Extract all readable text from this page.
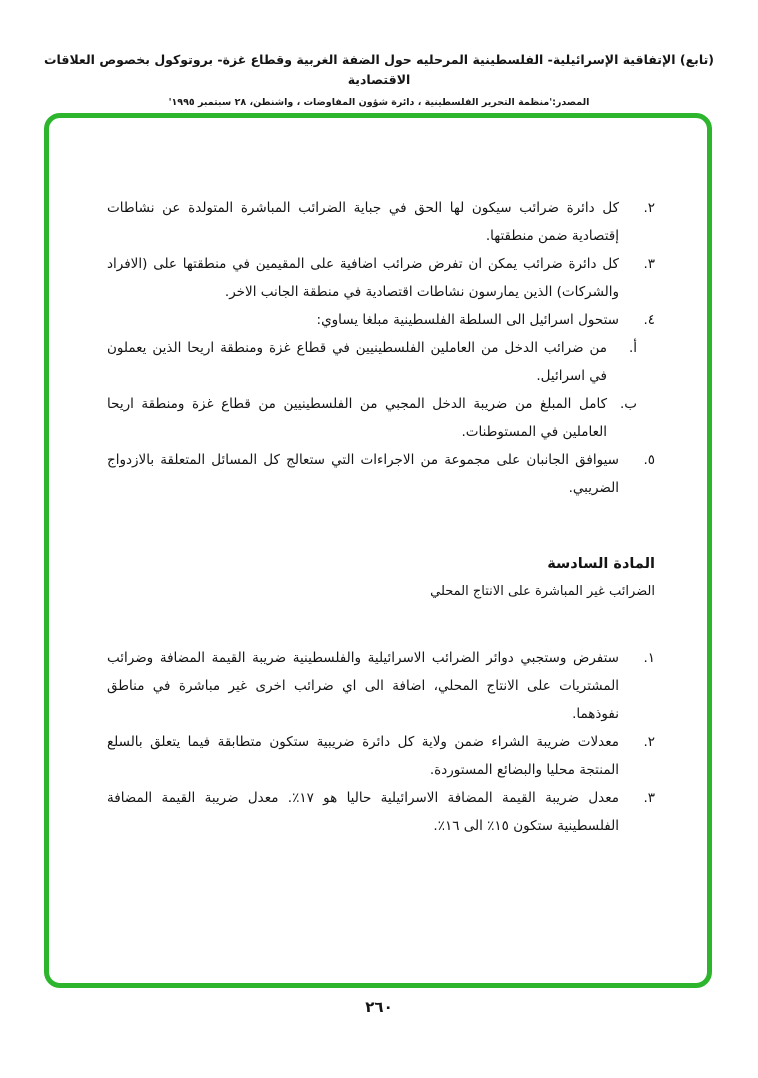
(تابع) الإتفاقية الإسرائيلية- الفلسطينية المرحليه حول الضفة الغربية وقطاع غزة- بروتوكول بخصوص العلاقات الاقتصادية
المصدر:'منظمة التحرير الفلسطينية ، دائرة شؤون المفاوضات ، واشنطن، ٢٨ سبتمبر ١٩٩٥'
٢.
كل دائرة ضرائب سيكون لها الحق في جباية الضرائب المباشرة المتولدة عن نشاطات إقتصادية ضمن منطقتها.
٣.
كل دائرة ضرائب يمكن ان تفرض ضرائب اضافية على المقيمين في منطقتها على (الافراد والشركات) الذين يمارسون نشاطات اقتصادية في منطقة الجانب الاخر.
٤.
ستحول اسرائيل الى السلطة الفلسطينية مبلغا يساوي:
أ.
من ضرائب الدخل من العاملين الفلسطينيين في قطاع غزة ومنطقة اريحا الذين يعملون في اسرائيل.
ب.
كامل المبلغ من ضريبة الدخل المجبي من الفلسطينيين من قطاع غزة ومنطقة اريحا العاملين في المستوطنات.
٥.
سيوافق الجانبان على مجموعة من الاجراءات التي ستعالج كل المسائل المتعلقة بالازدواج الضريبي.
المادة السادسة
الضرائب غير المباشرة على الانتاج المحلي
١.
ستفرض وستجبي دوائر الضرائب الاسرائيلية والفلسطينية ضريبة القيمة المضافة وضرائب المشتريات على الانتاج المحلي، اضافة الى اي ضرائب اخرى غير مباشرة في مناطق نفوذهما.
٢.
معدلات ضريبة الشراء ضمن ولاية كل دائرة ضريبية ستكون متطابقة فيما يتعلق بالسلع المنتجة محليا والبضائع المستوردة.
٣.
معدل ضريبة القيمة المضافة الاسرائيلية حاليا هو ١٧٪. معدل ضريبة القيمة المضافة الفلسطينية ستكون ١٥٪ الى ١٦٪.
٢٦٠
